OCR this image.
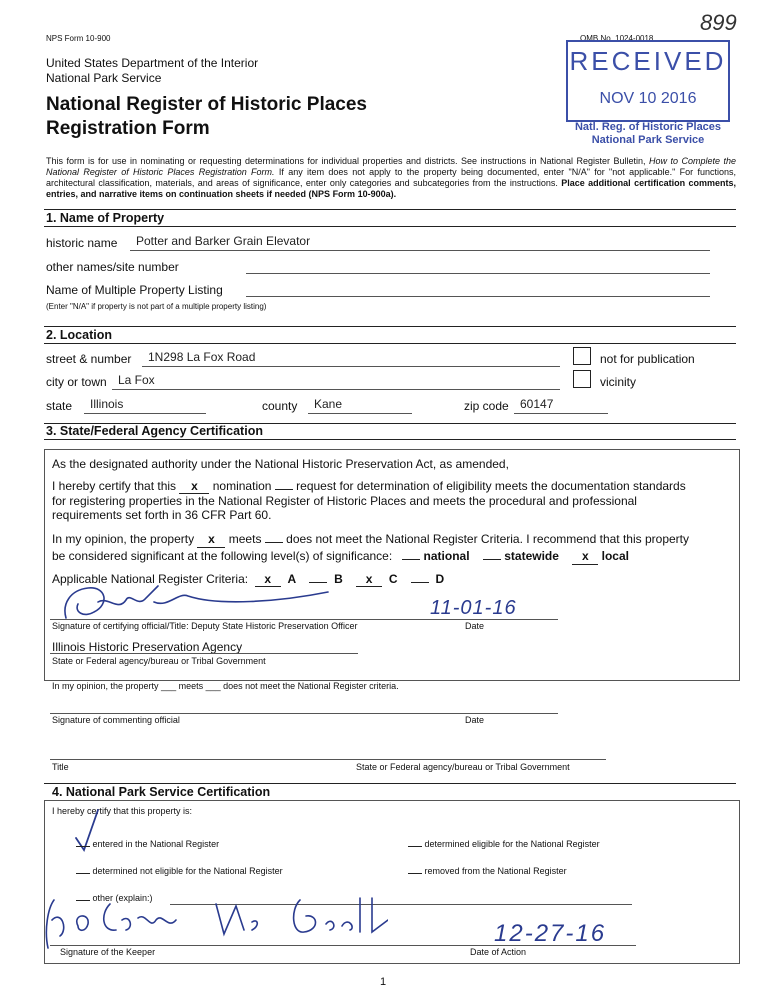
NPS Form 10-900	OMB No. 1024-0018
899
United States Department of the Interior
National Park Service
National Register of Historic Places
Registration Form
RECEIVED
NOV 10 2016
Natl. Reg. of Historic Places
National Park Service
This form is for use in nominating or requesting determinations for individual properties and districts. See instructions in National Register Bulletin, How to Complete the National Register of Historic Places Registration Form. If any item does not apply to the property being documented, enter "N/A" for "not applicable." For functions, architectural classification, materials, and areas of significance, enter only categories and subcategories from the instructions. Place additional certification comments, entries, and narrative items on continuation sheets if needed (NPS Form 10-900a).
1. Name of Property
historic name Potter and Barker Grain Elevator
other names/site number
Name of Multiple Property Listing
(Enter "N/A" if property is not part of a multiple property listing)
2. Location
street & number 1N298 La Fox Road	not for publication
city or town La Fox	vicinity
state Illinois	county Kane	zip code 60147
3. State/Federal Agency Certification
As the designated authority under the National Historic Preservation Act, as amended,
I hereby certify that this x nomination request for determination of eligibility meets the documentation standards
for registering properties in the National Register of Historic Places and meets the procedural and professional
requirements set forth in 36 CFR Part 60.
In my opinion, the property x meets does not meet the National Register Criteria. I recommend that this property
be considered significant at the following level(s) of significance:	national	statewide x local
Applicable National Register Criteria: x A	B x C	D
11-01-16
Signature of certifying official/Title: Deputy State Historic Preservation Officer	Date
Illinois Historic Preservation Agency
State or Federal agency/bureau or Tribal Government
In my opinion, the property ___ meets ___ does not meet the National Register criteria.
Signature of commenting official	Date
Title	State or Federal agency/bureau or Tribal Government
4. National Park Service Certification
I hereby certify that this property is:
entered in the National Register	determined eligible for the National Register
determined not eligible for the National Register	removed from the National Register
other (explain:)
12-27-16
Signature of the Keeper	Date of Action
1
